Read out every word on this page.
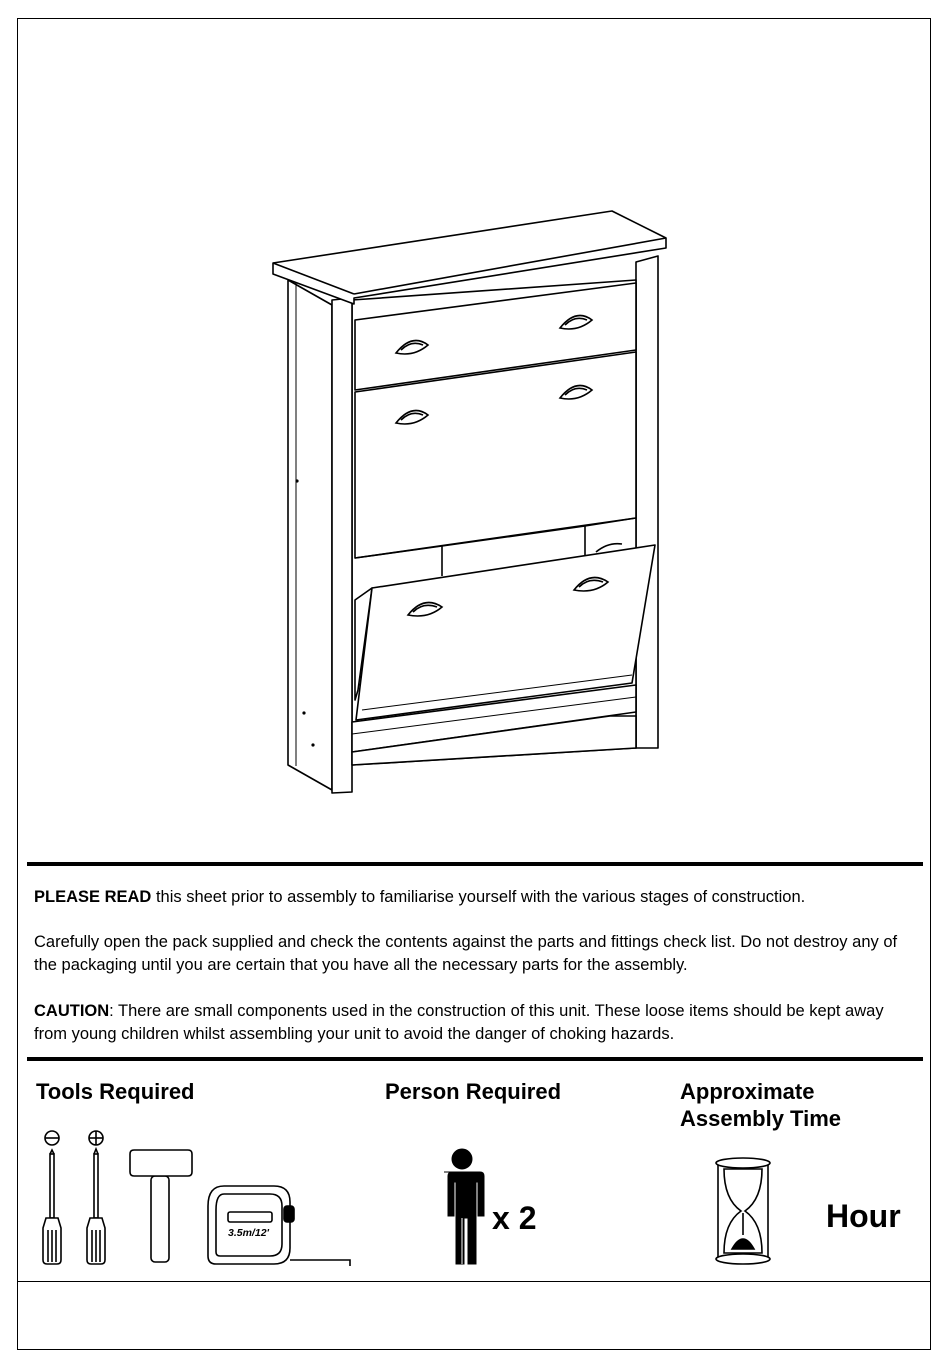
PLEASE READ this sheet prior to assembly to familiarise yourself with the various stages of construction.

Carefully open the pack supplied and check the contents against the parts and fittings check list. Do not destroy any of the packaging until you are certain that you have all the necessary parts for the assembly.

CAUTION: There are small components used in the construction of this unit. These loose items should be kept away from young children whilst assembling your unit to avoid the danger of choking hazards.

Tools Required

3.5m/12'

Person Required

x 2

Approximate

Assembly Time

Hour
